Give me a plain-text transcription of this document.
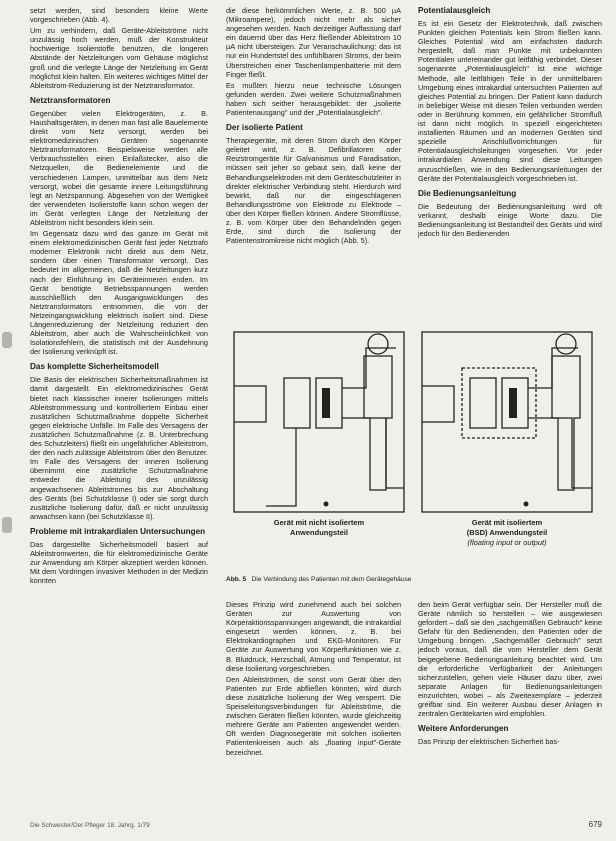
setzt werden, sind besonders kleine Werte vorgeschrieben (Abb. 4).

Um zu verhindern, daß Geräte-Ableitströme nicht unzulässig hoch werden, muß der Konstrukteur hochwertige Isolierstoffe benutzen, die longeren Abstände der Netzleitungen vom Gehäuse möglichst groß und die verlegte Länge der Netzleitung im Gerät möglichst klein halten. Ein weiteres wichtiges Mittel der Ableitstrom-Reduzierung ist der Netztransformator.

Netztransformatoren

Gegenüber vielen Elektrogeräten, z. B. Haushaltsgeräten, in denen man fast alle Bauelemente direkt vom Netz versorgt, werden bei elektromedizinischen Geräten sogenannte Netztransformatoren. Beispielsweise werden alle Verbrauchsstellen einen Einlaßstecker, also die Netzquellen, die Bedienelemente und die verschiedenen Lampen, unmittelbar aus dem Netz versorgt, wobei die gesamte innere Leitungsführung legt an Netzspannung. Abgesehen von der Wertigkeit der verwendeten Isolierstoffe kann schon wegen der im Gerät verlegten Länge der Netzleitung der Ableitstrom nicht besonders klein sein.

Im Gegensatz dazu wird das ganze im Gerät mit einem elektromedizinischen Gerät fast jeder Netztrafo moderner Elektronik nicht direkt aus dem Netz, sondern über einen Transformator versorgt. Das bedeutet im allgemeinen, daß die Netzleitungen kurz nach der Einführung im Geräteinneren enden. Im Gerät benötigte Betriebsspannungen werden ausschließlich den Ausgangswicklungen des Netztransformators entnommen, die von der Netzeingangswicklung elektrisch isoliert sind. Diese Längenreduzierung der Netzleitung reduziert den Ableitstrom, aber auch die Wahrscheinlichkeit von Isolationsfehlern, die statistisch mit der Ausdehnung der Isolierung verknüpft ist.

Das komplette Sicherheitsmodell

Die Basis der elektrischen Sicherheitsmaßnahmen ist damit dargestellt. Ein elektromedizinisches Gerät bietet nach klassischer innerer Isolierungen mittels Ableitstrommessung und kontrolliertem Einbau einer zusätzlichen Schutzmaßnahme doppelte Sicherheit gegen elektrische Unfälle. Im Falle des Versagens der zusätzlichen Schutzmaßnahme (z. B. Unterbrechung des Schutzleiters) fließt ein ungefährlicher Ableitstrom, der den nach zulässige Ableitstrom über den Benutzer. Im Falle des Versagens der inneren Isolierung übernimmt eine zusätzliche Schutzmaßnahme entweder die Ableitung des unzulässig angewachsenen Ableitstromes bis zur Abschaltung des Geräts (bei Schutzklasse I) oder sie sorgt durch zusätzliche Isolierung dafür, daß er nicht unzulässig anwachsen kann (bei Schutzklasse II).

Probleme mit intrakardialen Untersuchungen

Das dargestellte Sicherheitsmodell basiert auf Ableitstromwerten, die für elektromedizinische Geräte zur Anwendung am Körper akzeptiert werden können. Mit dem Vordringen invasiver Methoden in der Medizin konnten

die diese herkömmlichen Werte, z. B. 500 µA (Mikroampere), jedoch nicht mehr als sicher angesehen werden. Nach derzeitiger Auffassung darf ein dauernd über das Herz fließender Ableitstrom 10 µA nicht übersteigen. Zur Veranschaulichung: das ist nur ein Hundertstel des unfühlbaren Stroms, der beim Überstreichen einer Taschenlampenbatterie mit dem Finger fließt.

Es mußten hierzu neue technische Lösungen gefunden werden. Zwei weitere Schutzmaßnahmen haben sich seither herausgebildet: der „isolierte Patientenausgang" und der „Potentialausgleich".

Der isolierte Patient

Therapiegeräte, mit deren Strom durch den Körper geleitet wird, z. B. Defibrillatoren oder Reizstromgeräte für Galvanismus und Faradisation, müssen seit jeher so gebaut sein, daß keine der Behandlungselektroden mit dem Geräteschutzleiter in direkter elektrischer Verbindung steht. Hierdurch wird bewirkt, daß nur die eingeschlagenen Behandlungsströme von Elektrode zu Elektrode – über den Körper fließen können. Andere Stromflüsse, z. B. vom Körper über den Behandelnden gegen Erde, sind durch die Isolierung der Patientenstromkreise nicht möglich (Abb. 5).

Potentialausgleich

Es ist ein Gesetz der Elektrotechnik, daß zwischen Punkten gleichen Potentials kein Strom fließen kann. Gleiches Potential wird am einfachsten dadurch hergestellt, daß man Punkte mit unbekannten Potentialen untereinander gut leitfähig verbindet. Dieser sogenannte „Potentialausgleich" ist eine wichtige Methode, alle leitfähigen Teile in der unmittelbaren Umgebung eines intrakardial untersuchten Patienten auf gleiches Potential zu bringen. Der Patient kann dadurch in beliebiger Weise mit diesen Teilen verbunden werden oder in Berührung kommen, ein gefährlicher Stromfluß ist dann nicht möglich. In speziell eingerichteten installierten Räumen und an modernen Geräten sind spezielle Anschlußvorrichtungen für Potentialausgleichsleitungen vorgesehen. Vor jeder intrakardialen Anwendung sind diese Leitungen anzuschließen, wie in den Bedienungsanleitungen der Geräte der Potentialausgleich vorgeschrieben ist.

Die Bedienungsanleitung

Die Bedeutung der Bedienungsanleitung wird oft verkannt, deshalb einige Worte dazu. Die Bedienungsanleitung ist Bestandteil des Geräts und wird jedoch für den Bedienenden

Gerät mit nicht isoliertem
Anwendungsteil
Gerät mit isoliertem
(BSD) Anwendungsteil
(floating input or output)
Abb. 5 Die Verbindung des Patienten mit dem Gerätegehäuse

Dieses Prinzip wird zunehmend auch bei solchen Geräten zur Auswertung von Körperaktionsspannungen angewandt, die intrakardial eingesetzt werden können, z. B. bei Elektrokardiographen und EKG-Monitoren. Für Geräte zur Auswertung von Körperfunktionen wie z. B. Blutdruck, Herzschall, Atmung und Temperatur, ist diese Isolierung vorgeschrieben.

Den Ableitströmen, die sonst vom Gerät über den Patienten zur Erde abfließen könnten, wird durch diese zusätzliche Isolierung der Weg versperrt. Die Speiseleitungsverbindungen für Ableitströme, die zwischen Geräten fließen könnten, wurde gleichzeitig mehrere Geräte am Patienten angewendet werden. Oft werden Diagnosegeräte mit solchen isolierten Patientenkreisen auch als „floating input"-Geräte bezeichnet.

den beim Gerät verfügbar sein. Der Hersteller muß die Geräte nämlich so herstellen – wie ausgewiesen gefordert – daß sie den „sachgemäßen Gebrauch" keine Gefahr für den Bedienenden, den Patienten oder die Umgebung bringen. „Sachgemäßer Gebrauch" setzt jedoch voraus, daß die vom Hersteller dem Gerät beigegebene Bedienungsanleitung beachtet wird. Um die erforderliche Verfügbarkeit der Anleitungen sicherzustellen, gehen viele Häuser dazu über, zwei separate Anlagen für Bedienungsanleitungen einzurichten, wobei – als Zweitexemplare – jederzeit greifbar sind. Ein weiterer Ausbau dieser Anlagen in zentralen Gerätekarten wird empfohlen.

Weitere Anforderungen

Das Prinzip der elektrischen Sicherheit bas-

Die Schwester/Der Pfleger 18. Jahrg. 1/79	679
